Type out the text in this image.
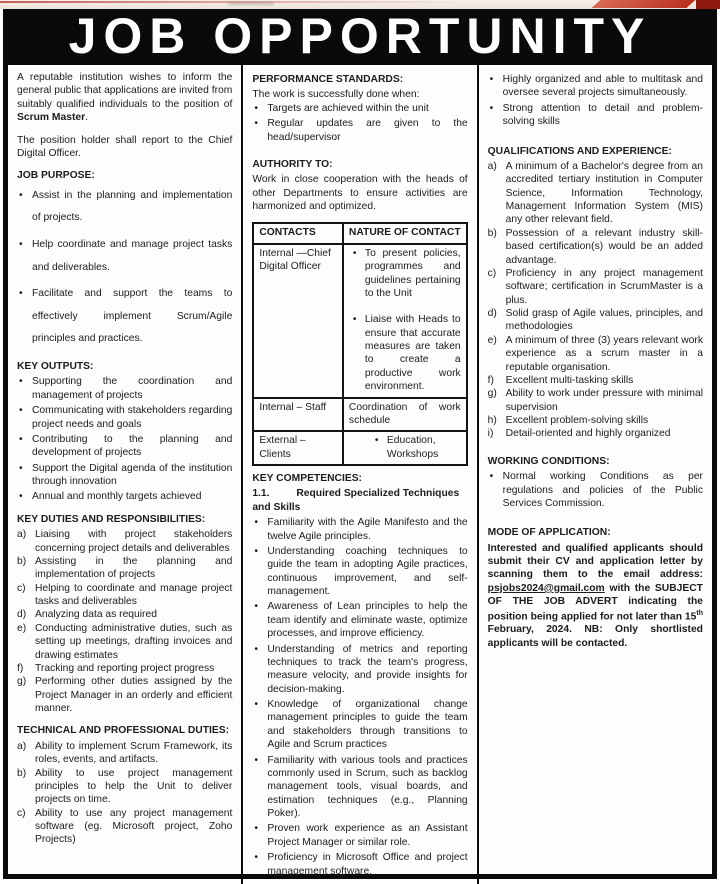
JOB OPPORTUNITY

A reputable institution wishes to inform the general public that applications are invited from suitably qualified individuals to the position of Scrum Master.

The position holder shall report to the Chief Digital Officer.

JOB PURPOSE:
• Assist in the planning and implementation of projects.
• Help coordinate and manage project tasks and deliverables.
• Facilitate and support the teams to effectively implement Scrum/Agile principles and practices.
KEY OUTPUTS:
• Supporting the coordination and management of projects
• Communicating with stakeholders regarding project needs and goals
• Contributing to the planning and development of projects
• Support the Digital agenda of the institution through innovation
• Annual and monthly targets achieved
KEY DUTIES AND RESPONSIBILITIES:
a) Liaising with project stakeholders concerning project details and deliverables
b) Assisting in the planning and implementation of projects
c) Helping to coordinate and manage project tasks and deliverables
d) Analyzing data as required
e) Conducting administrative duties, such as setting up meetings, drafting invoices and drawing estimates
f)	Tracking and reporting project progress
g) Performing other duties assigned by the Project Manager in an orderly and efficient manner.
TECHNICAL AND PROFESSIONAL DUTIES:
a) Ability to implement Scrum Framework, its roles, events, and artifacts.
b) Ability to use project management principles to help the Unit to deliver projects on time.
c) Ability to use any project management software (eg. Microsoft project, Zoho Projects)
PERFORMANCE STANDARDS:
The work is successfully done when:
• Targets are achieved within the unit
• Regular updates are given to the head/supervisor
AUTHORITY TO:

Work in close cooperation with the heads of other Departments to ensure activities are harmonized and optimized.

CONTACTS	NATURE OF CONTACT
Internal —Chief Digital Officer	• To present policies, programmes and guidelines pertaining to the Unit
• Liaise with Heads to ensure that accurate measures are taken to create a productive work environment.

Internal – Staff	Coordination of work schedule
External – Clients	• Education, Workshops
KEY COMPETENCIES:
1.1.	Required Specialized Techniques and Skills
• Familiarity with the Agile Manifesto and the twelve Agile principles.
• Understanding coaching techniques to guide the team in adopting Agile practices, continuous improvement, and self-management.
• Awareness of Lean principles to help the team identify and eliminate waste, optimize processes, and improve efficiency.
• Understanding of metrics and reporting techniques to track the team's progress, measure velocity, and provide insights for decision-making.
• Knowledge of organizational change management principles to guide the team and stakeholders through transitions to Agile and Scrum practices
• Familiarity with various tools and practices commonly used in Scrum, such as backlog management tools, visual boards, and estimation techniques (e.g., Planning Poker).
• Proven work experience as an Assistant Project Manager or similar role.
• Proficiency in Microsoft Office and project management software.
• Highly organized and able to multitask and oversee several projects simultaneously.
• Strong attention to detail and problem-solving skills
QUALIFICATIONS AND EXPERIENCE:
a) A minimum of a Bachelor's degree from an accredited tertiary institution in Computer Science, Information Technology, Management Information System (MIS) any other relevant field.
b) Possession of a relevant industry skill-based certification(s) would be an added advantage.
c) Proficiency in any project management software; certification in ScrumMaster is a plus.
d) Solid grasp of Agile values, principles, and methodologies
e) A minimum of three (3) years relevant work experience as a scrum master in a reputable organisation.
f)	Excellent multi-tasking skills
g) Ability to work under pressure with minimal supervision
h) Excellent problem-solving skills
i)	Detail-oriented and highly organized
WORKING CONDITIONS:
• Normal working Conditions as per regulations and policies of the Public Services Commission.
MODE OF APPLICATION:

Interested and qualified applicants should submit their CV and application letter by scanning them to the email address: psjobs2024@gmail.com with the SUBJECT OF THE JOB ADVERT indicating the position being applied for not later than 15th February, 2024. NB: Only shortlisted applicants will be contacted.
